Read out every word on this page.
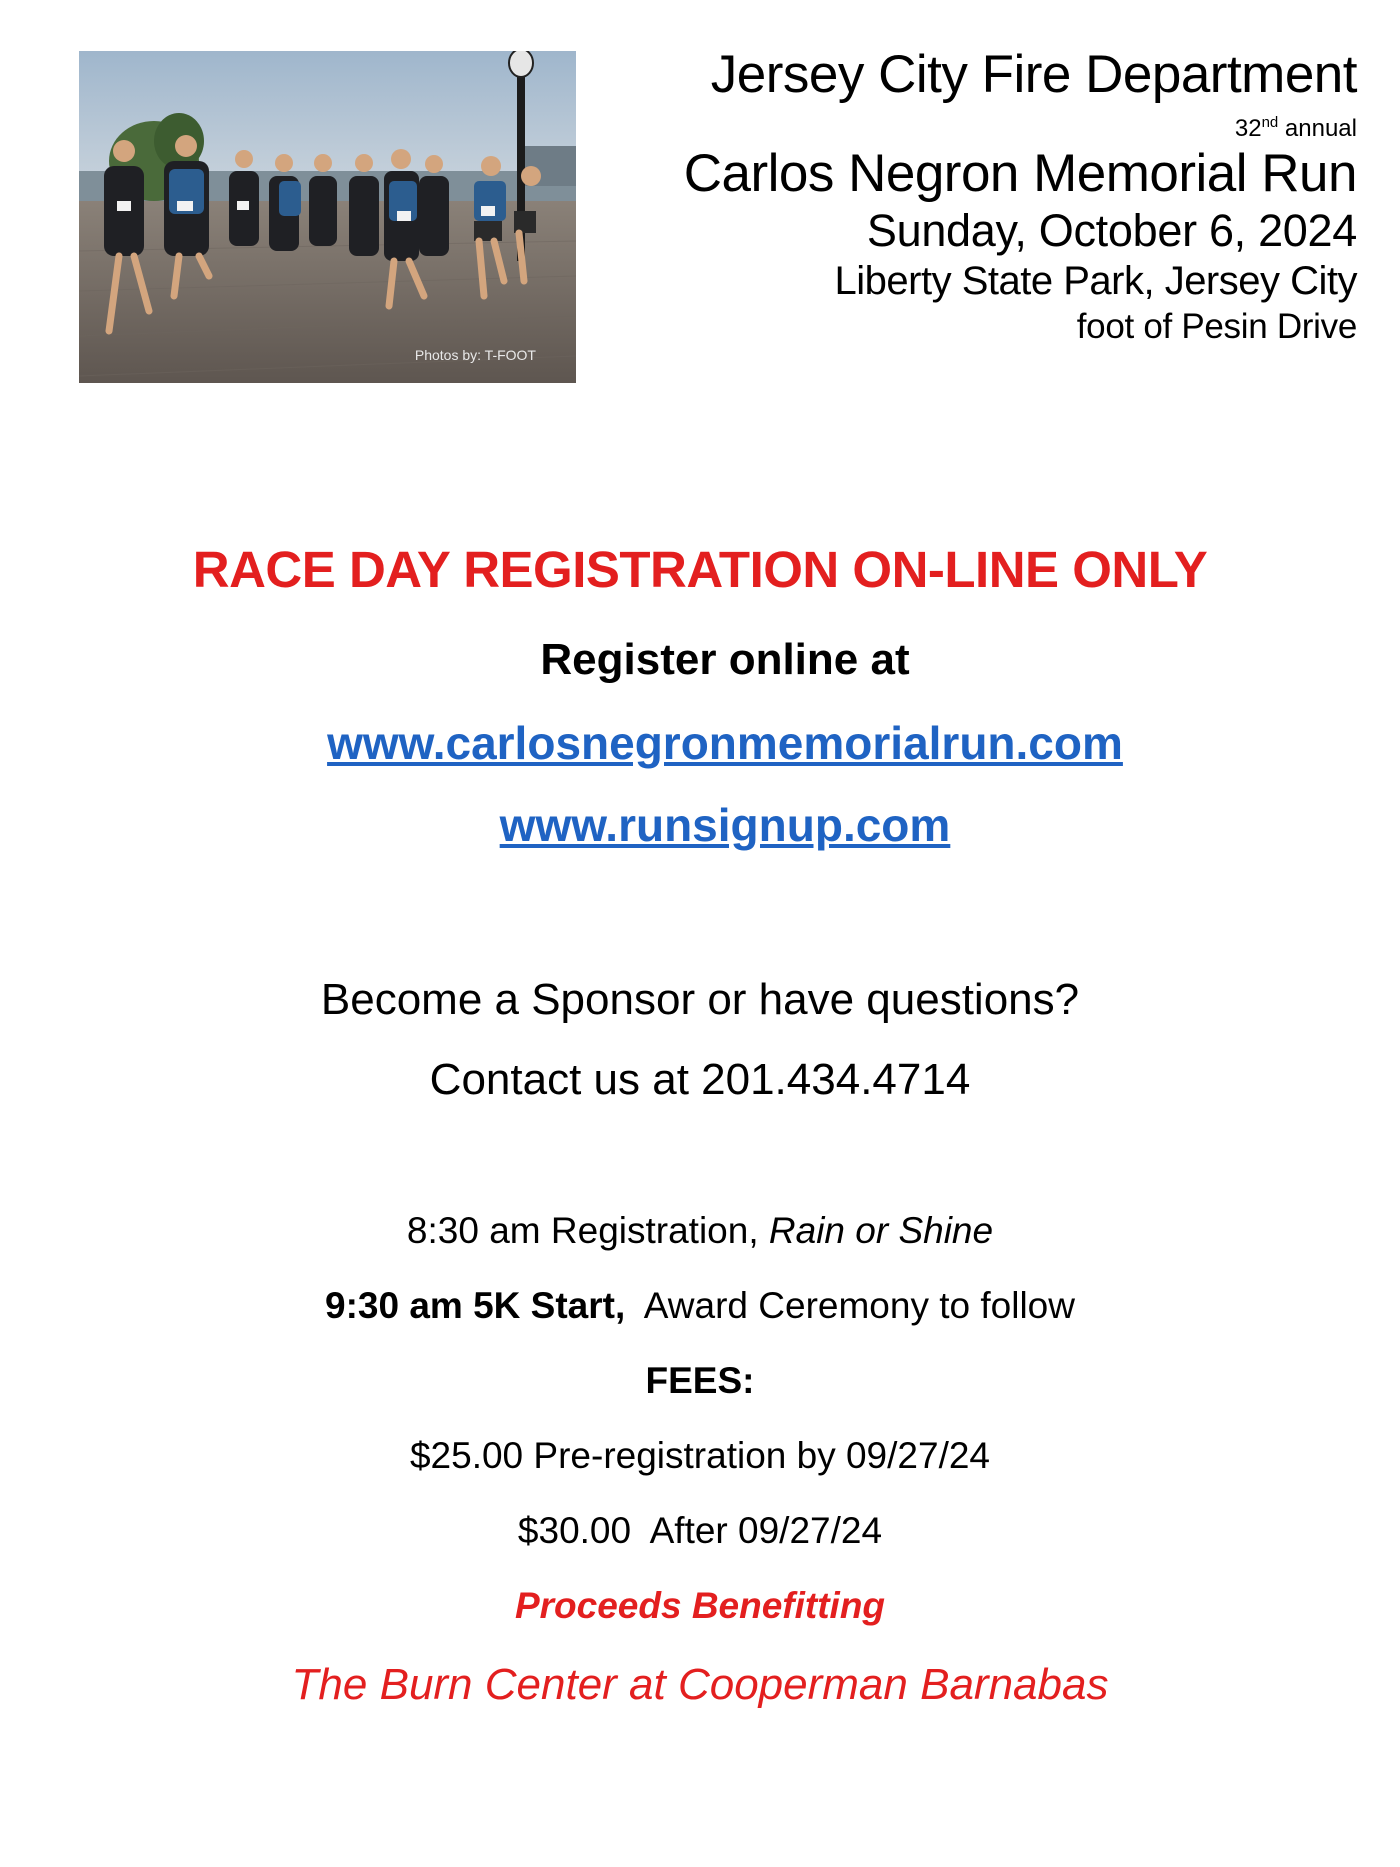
Photos by: T-FOOT
Jersey City Fire Department
32nd annual
Carlos Negron Memorial Run
Sunday, October 6, 2024
Liberty State Park, Jersey City
foot of Pesin Drive
RACE DAY REGISTRATION ON-LINE ONLY
Register online at
www.carlosnegronmemorialrun.com
www.runsignup.com
Become a Sponsor or have questions?
Contact us at 201.434.4714
8:30 am Registration, Rain or Shine
9:30 am 5K Start,  Award Ceremony to follow
FEES:
$25.00 Pre-registration by 09/27/24
$30.00  After 09/27/24
Proceeds Benefitting
The Burn Center at Cooperman Barnabas
